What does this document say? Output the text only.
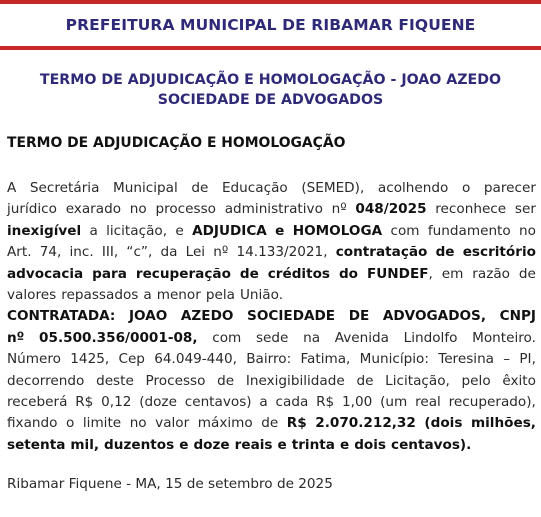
PREFEITURA MUNICIPAL DE RIBAMAR FIQUENE
TERMO DE ADJUDICAÇÃO E HOMOLOGAÇÃO - JOAO AZEDO
SOCIEDADE DE ADVOGADOS
TERMO DE ADJUDICAÇÃO E HOMOLOGAÇÃO
A Secretária Municipal de Educação (SEMED), acolhendo o parecer
jurídico exarado no processo administrativo nº 048/2025 reconhece ser
inexigível a licitação, e ADJUDICA e HOMOLOGA com fundamento no
Art. 74, inc. III, “c”, da Lei nº 14.133/2021, contratação de escritório
advocacia para recuperação de créditos do FUNDEF, em razão de
valores repassados a menor pela União.
CONTRATADA: JOAO AZEDO SOCIEDADE DE ADVOGADOS, CNPJ
nº 05.500.356/0001-08, com sede na Avenida Lindolfo Monteiro.
Número 1425, Cep 64.049-440, Bairro: Fatima, Município: Teresina – PI,
decorrendo deste Processo de Inexigibilidade de Licitação, pelo êxito
receberá R$ 0,12 (doze centavos) a cada R$ 1,00 (um real recuperado),
fixando o limite no valor máximo de R$ 2.070.212,32 (dois milhões,
setenta mil, duzentos e doze reais e trinta e dois centavos).
Ribamar Fiquene - MA, 15 de setembro de 2025
